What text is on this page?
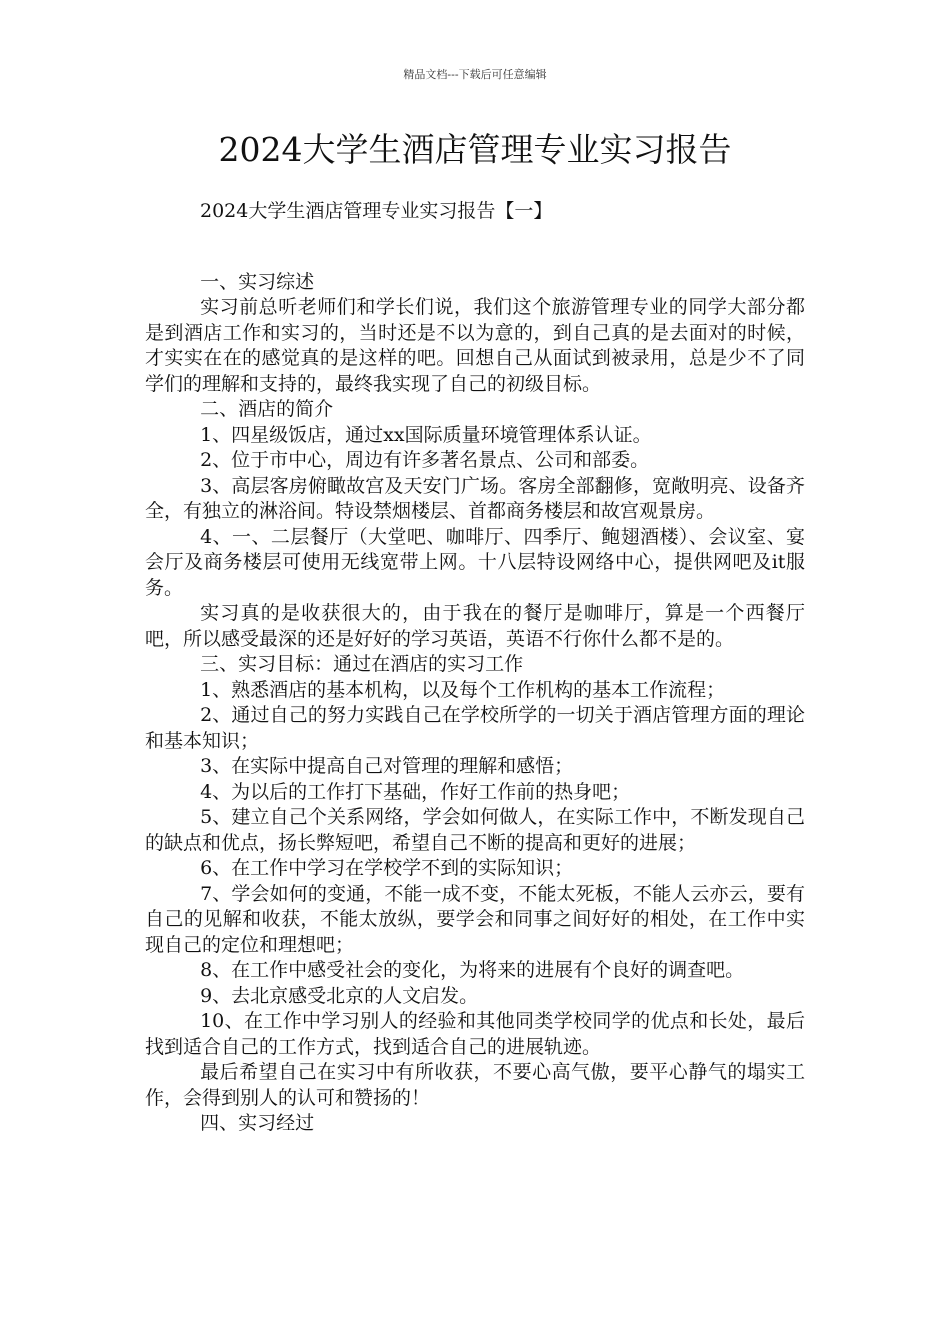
精品文档---下载后可任意编辑
2024大学生酒店管理专业实习报告

2024大学生酒店管理专业实习报告【一】

一、实习综述

实习前总听老师们和学长们说，我们这个旅游管理专业的同学大部分都是到酒店工作和实习的，当时还是不以为意的，到自己真的是去面对的时候，才实实在在的感觉真的是这样的吧。回想自己从面试到被录用，总是少不了同学们的理解和支持的，最终我实现了自己的初级目标。

二、酒店的简介

1、四星级饭店，通过xx国际质量环境管理体系认证。

2、位于市中心，周边有许多著名景点、公司和部委。

3、高层客房俯瞰故宫及天安门广场。客房全部翻修，宽敞明亮、设备齐全，有独立的淋浴间。特设禁烟楼层、首都商务楼层和故宫观景房。

4、一、二层餐厅（大堂吧、咖啡厅、四季厅、鲍翅酒楼）、会议室、宴会厅及商务楼层可使用无线宽带上网。十八层特设网络中心，提供网吧及it服务。

实习真的是收获很大的，由于我在的餐厅是咖啡厅，算是一个西餐厅吧，所以感受最深的还是好好的学习英语，英语不行你什么都不是的。

三、实习目标：通过在酒店的实习工作

1、熟悉酒店的基本机构，以及每个工作机构的基本工作流程；

2、通过自己的努力实践自己在学校所学的一切关于酒店管理方面的理论和基本知识；

3、在实际中提高自己对管理的理解和感悟；

4、为以后的工作打下基础，作好工作前的热身吧；

5、建立自己个关系网络，学会如何做人，在实际工作中，不断发现自己的缺点和优点，扬长弊短吧，希望自己不断的提高和更好的进展；

6、在工作中学习在学校学不到的实际知识；

7、学会如何的变通，不能一成不变，不能太死板，不能人云亦云，要有自己的见解和收获，不能太放纵，要学会和同事之间好好的相处，在工作中实现自己的定位和理想吧；

8、在工作中感受社会的变化，为将来的进展有个良好的调查吧。

9、去北京感受北京的人文启发。

10、在工作中学习别人的经验和其他同类学校同学的优点和长处，最后找到适合自己的工作方式，找到适合自己的进展轨迹。

最后希望自己在实习中有所收获，不要心高气傲，要平心静气的塌实工作，会得到别人的认可和赞扬的！

四、实习经过
